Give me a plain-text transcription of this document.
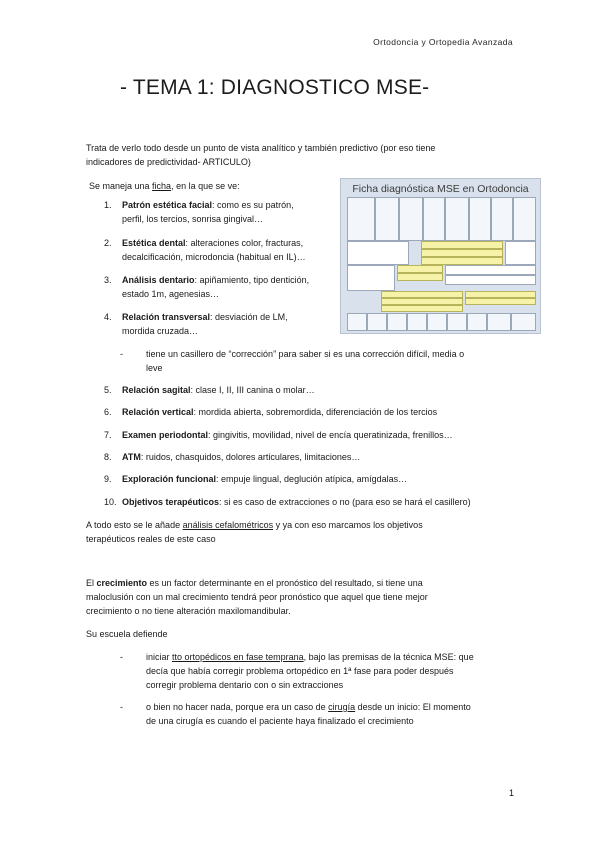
Ortodoncia y Ortopedia Avanzada
- TEMA 1: DIAGNOSTICO MSE-
Trata de verlo todo desde un punto de vista analítico y también predictivo (por eso tiene
indicadores de predictividad- ARTICULO)
Se maneja una ficha, en la que se ve:	Ficha diagnóstica MSE en Ortodoncia
1. Patrón estética facial: como es su patrón,
perfil, los tercios, sonrisa gingival…
2. Estética dental: alteraciones color, fracturas,
decalcificación, microdoncia (habitual en IL)…
3. Análisis dentario: apiñamiento, tipo dentición,
estado 1m, agenesias…
4. Relación transversal: desviación de LM,
mordida cruzada…
-	tiene un casillero de “corrección” para saber si es una corrección difícil, media o
leve
5. Relación sagital: clase I, II, III canina o molar…
6. Relación vertical: mordida abierta, sobremordida, diferenciación de los tercios
7. Examen periodontal: gingivitis, movilidad, nivel de encía queratinizada, frenillos…
8. ATM: ruidos, chasquidos, dolores articulares, limitaciones…
9. Exploración funcional: empuje lingual, deglución atípica, amígdalas…
10. Objetivos terapéuticos: si es caso de extracciones o no (para eso se hará el casillero)
A todo esto se le añade análisis cefalométricos y ya con eso marcamos los objetivos
terapéuticos reales de este caso
El crecimiento es un factor determinante en el pronóstico del resultado, si tiene una
maloclusión con un mal crecimiento tendrá peor pronóstico que aquel que tiene mejor
crecimiento o no tiene alteración maxilomandibular.
Su escuela defiende
-	iniciar tto ortopédicos en fase temprana, bajo las premisas de la técnica MSE: que
decía que había corregir problema ortopédico en 1ª fase para poder después
corregir problema dentario con o sin extracciones
-	o bien no hacer nada, porque era un caso de cirugía desde un inicio: El momento
de una cirugía es cuando el paciente haya finalizado el crecimiento
1
